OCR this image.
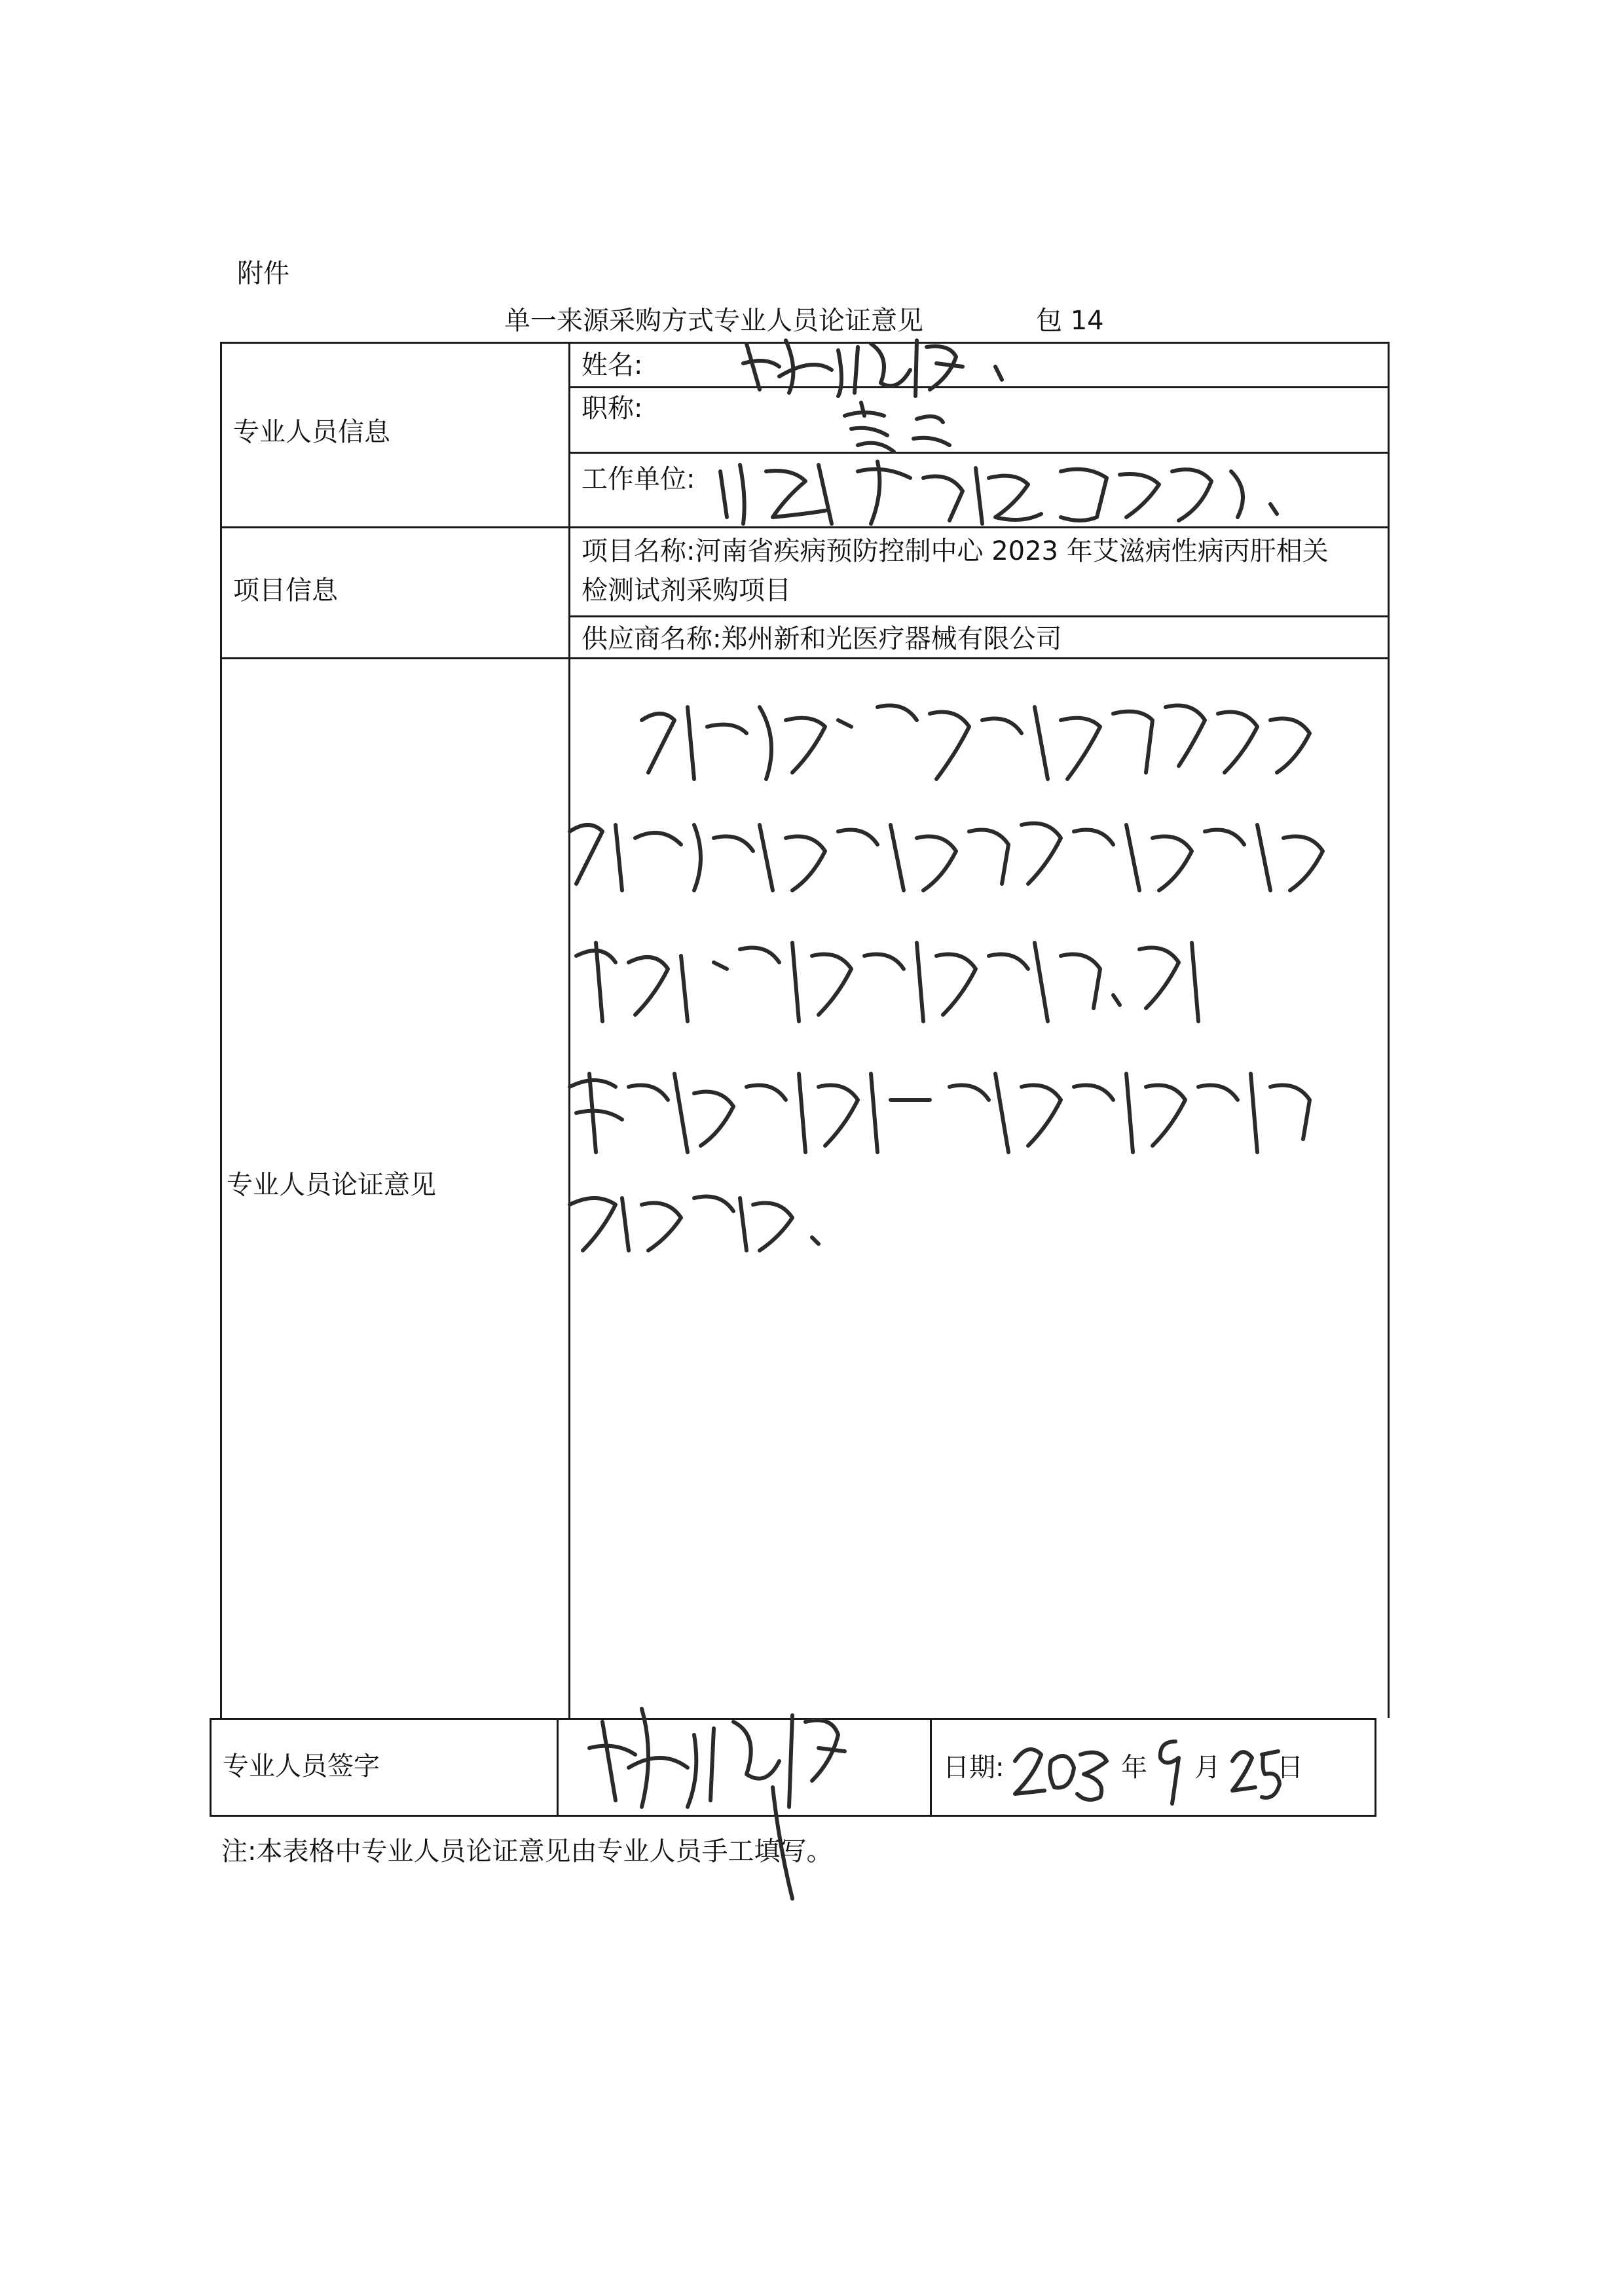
附件
单一来源采购方式专业人员论证意见	包 14
专业人员信息
项目信息
专业人员论证意见
专业人员签字
姓名:
职称:
工作单位:
项目名称:河南省疾病预防控制中心 2023 年艾滋病性病丙肝相关
检测试剂采购项目
供应商名称:郑州新和光医疗器械有限公司
日期:	年 月 日
注:本表格中专业人员论证意见由专业人员手工填写。
